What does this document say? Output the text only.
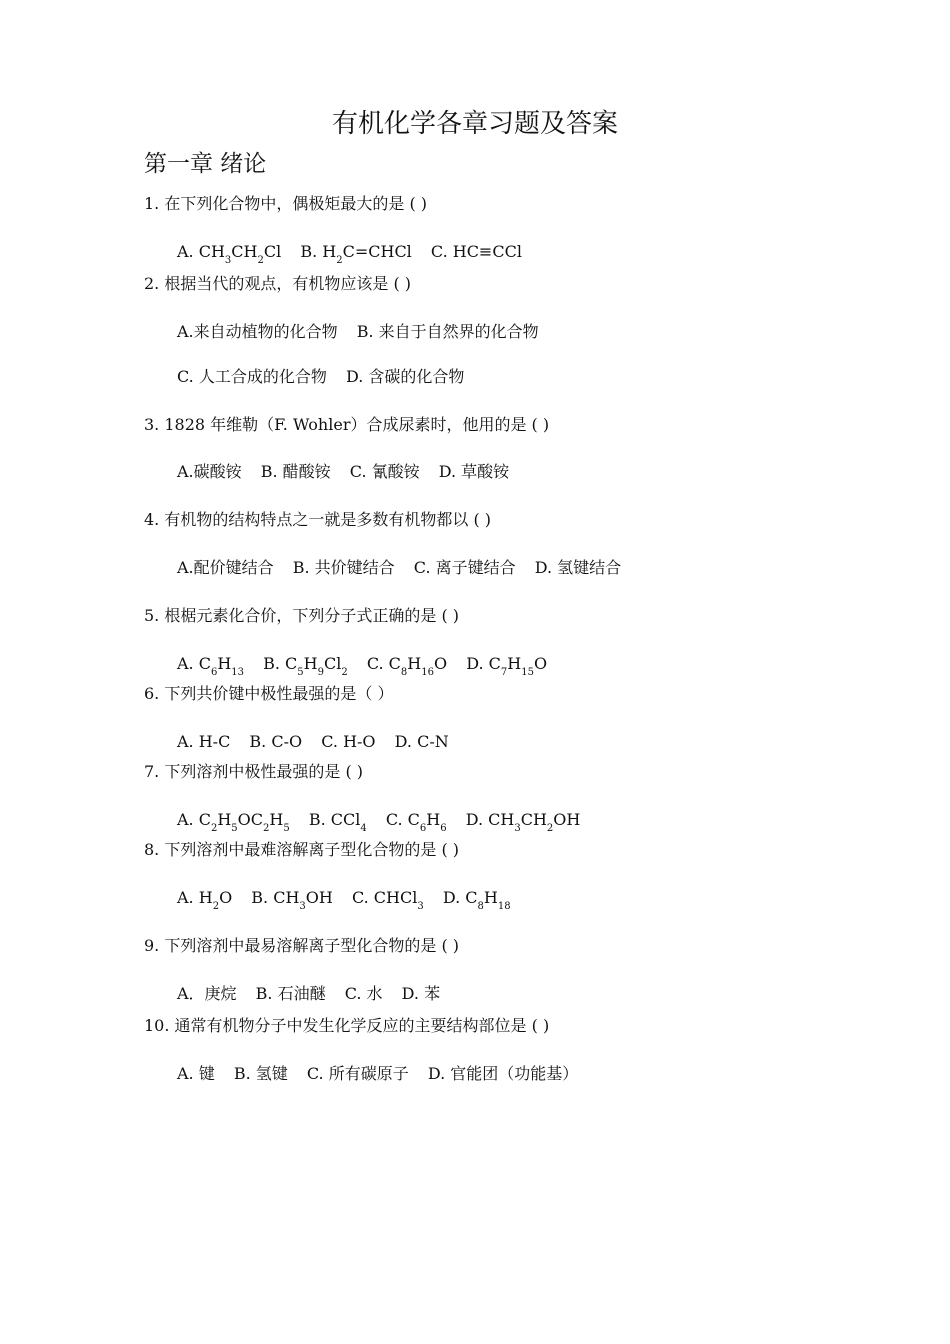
有机化学各章习题及答案
第一章 绪论
1. 在下列化合物中，偶极矩最大的是 ( )
A. $CH_3CH_2Cl$ B. $H_2C=CHCl$ C. HC≡CCl
2. 根据当代的观点，有机物应该是 ( )
A.来自动植物的化合物 B. 来自于自然界的化合物
C. 人工合成的化合物 D. 含碳的化合物
3. 1828 年维勒（F. Wohler）合成尿素时，他用的是 ( )
A.碳酸铵 B. 醋酸铵 C. 氰酸铵 D. 草酸铵
4. 有机物的结构特点之一就是多数有机物都以 ( )
A.配价键结合 B. 共价键结合 C. 离子键结合 D. 氢键结合
5. 根椐元素化合价，下列分子式正确的是 ( )
A. $C_6H_{13}$ B. $C_5H_9Cl_2$ C. $C_8H_{16}O$ D. $C_7H_{15}O$
6. 下列共价键中极性最强的是（ ）
A. H-C B. C-O C. H-O D. C-N
7. 下列溶剂中极性最强的是 ( )
A. $C_2H_5OC_2H_5$ B. CCl$_4$ C. $C_6H_6$ D. $CH_3CH_2OH$
8. 下列溶剂中最难溶解离子型化合物的是 ( )
A. $H_2O$ B. $CH_3OH$ C. CHCl$_3$ D. $C_8H_{18}$
9. 下列溶剂中最易溶解离子型化合物的是 ( )
A．庚烷 B. 石油醚 C. 水 D. 苯
10. 通常有机物分子中发生化学反应的主要结构部位是 ( )
A. 键 B. 氢键 C. 所有碳原子 D. 官能团（功能基）
